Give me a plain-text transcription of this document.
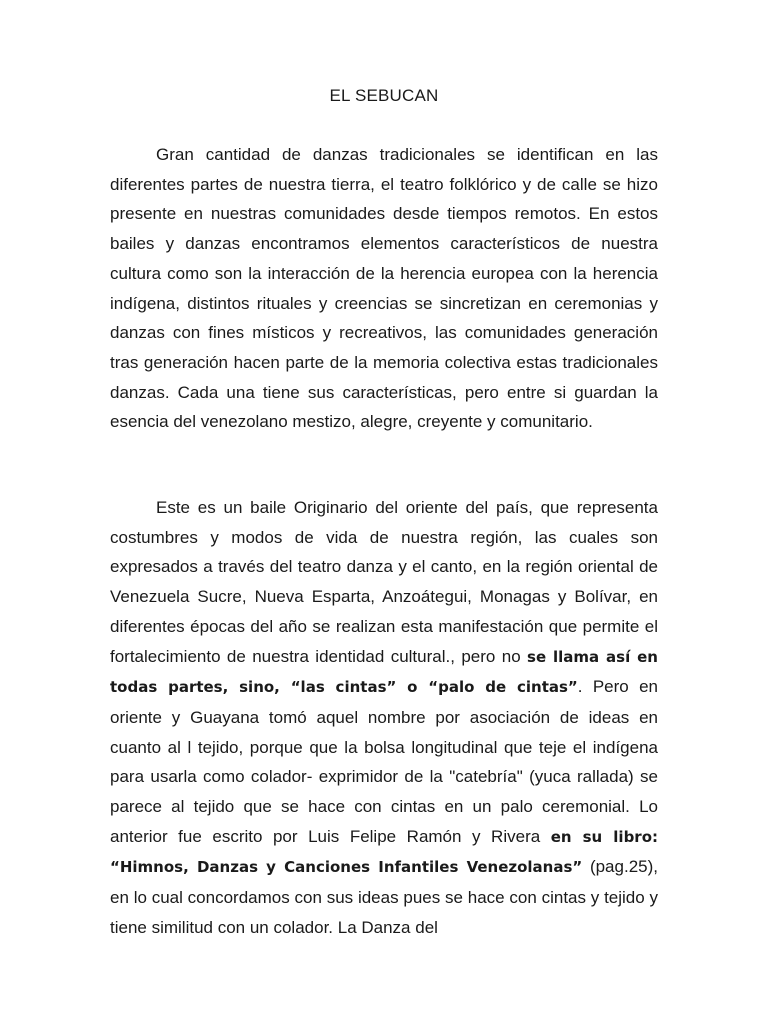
EL SEBUCAN

Gran cantidad de danzas tradicionales se identifican en las diferentes partes de nuestra tierra, el teatro folklórico y de calle se hizo presente en nuestras comunidades desde tiempos remotos. En estos bailes y danzas encontramos elementos característicos de nuestra cultura como son la interacción de la herencia europea con la herencia indígena, distintos rituales y creencias se sincretizan en ceremonias y danzas con fines místicos y recreativos, las comunidades generación tras generación hacen parte de la memoria colectiva estas tradicionales danzas. Cada una tiene sus características, pero entre si guardan la esencia del venezolano mestizo, alegre, creyente y comunitario.

Este es un baile Originario del oriente del país, que representa costumbres y modos de vida de nuestra región, las cuales son expresados a través del teatro danza y el canto, en la región oriental de Venezuela Sucre, Nueva Esparta, Anzoátegui, Monagas y Bolívar, en diferentes épocas del año se realizan esta manifestación que permite el fortalecimiento de nuestra identidad cultural., pero no se llama así en todas partes, sino, “las cintas” o “palo de cintas”. Pero en oriente y Guayana tomó aquel nombre por asociación de ideas en cuanto al l tejido, porque que la bolsa longitudinal que teje el indígena para usarla como colador- exprimidor de la "catebría" (yuca rallada) se parece al tejido que se hace con cintas en un palo ceremonial. Lo anterior fue escrito por Luis Felipe Ramón y Rivera en su libro: “Himnos, Danzas y Canciones Infantiles Venezolanas” (pag.25), en lo cual concordamos con sus ideas pues se hace con cintas y tejido y tiene similitud con un colador. La Danza del
